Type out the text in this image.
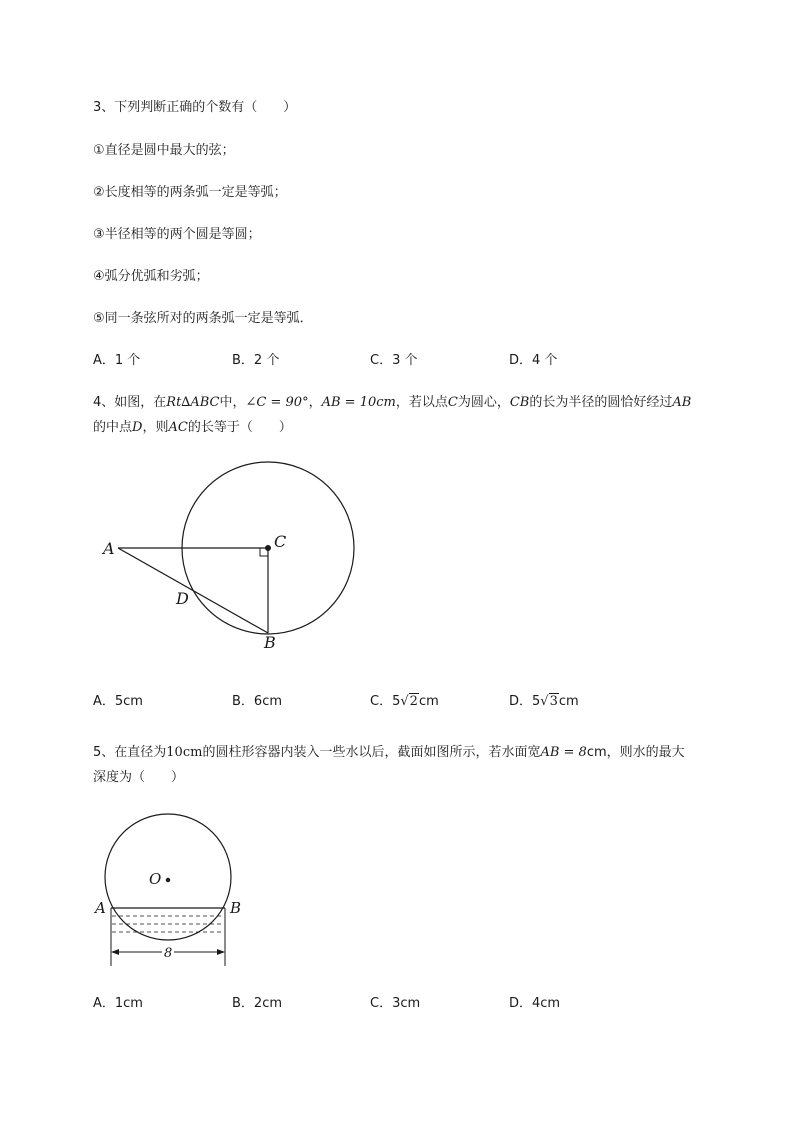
3、下列判断正确的个数有（　　）
①直径是圆中最大的弦；
②长度相等的两条弧一定是等弧；
③半径相等的两个圆是等圆；
④弧分优弧和劣弧；
⑤同一条弦所对的两条弧一定是等弧．
A．1 个	B．2 个	C．3 个	D．4 个
4、如图，在Rt∆ABC中，∠C = 90°，AB = 10cm，若以点C为圆心，CB的长为半径的圆恰好经过AB
的中点D，则AC的长等于（　　）
A	C
D
B
A．5cm	B．6cm	C．5√2cm	D．5√3cm
5、在直径为10cm的圆柱形容器内装入一些水以后，截面如图所示，若水面宽AB = 8cm，则水的最大
深度为（　　）
O
A	B
8
A．1cm	B．2cm	C．3cm	D．4cm
